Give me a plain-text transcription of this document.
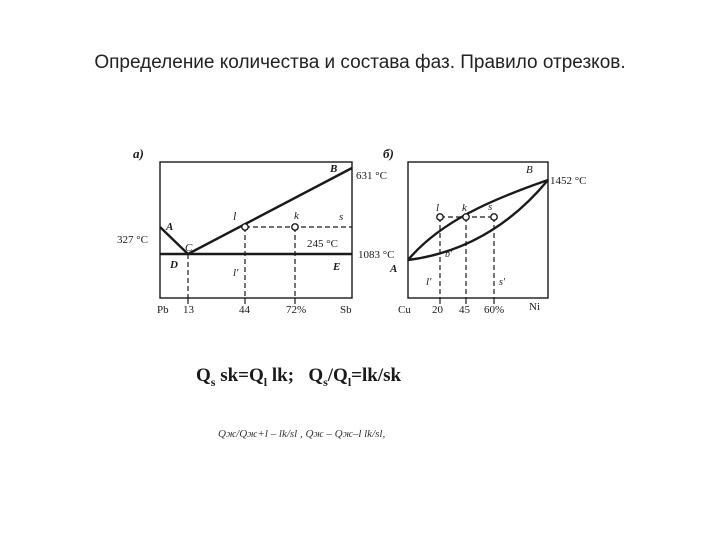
Определение количества и состава фаз. Правило отрезков.
а)
327 °C
631 °C
245 °C
A
B
C
D	E
l	k	s
l'
Pb 13	44	72%	Sb
б)
1083 °C
1452 °C
A
B
l k s
l'
b'
s'
Cu 20 45 60% Ni
$Q_s$ $sk=Q_l$ lk; $Q_s/Q_l=lk/sk$
Qж/Qж+l – lk/sl , Qж – Qж–l lk/sl,
